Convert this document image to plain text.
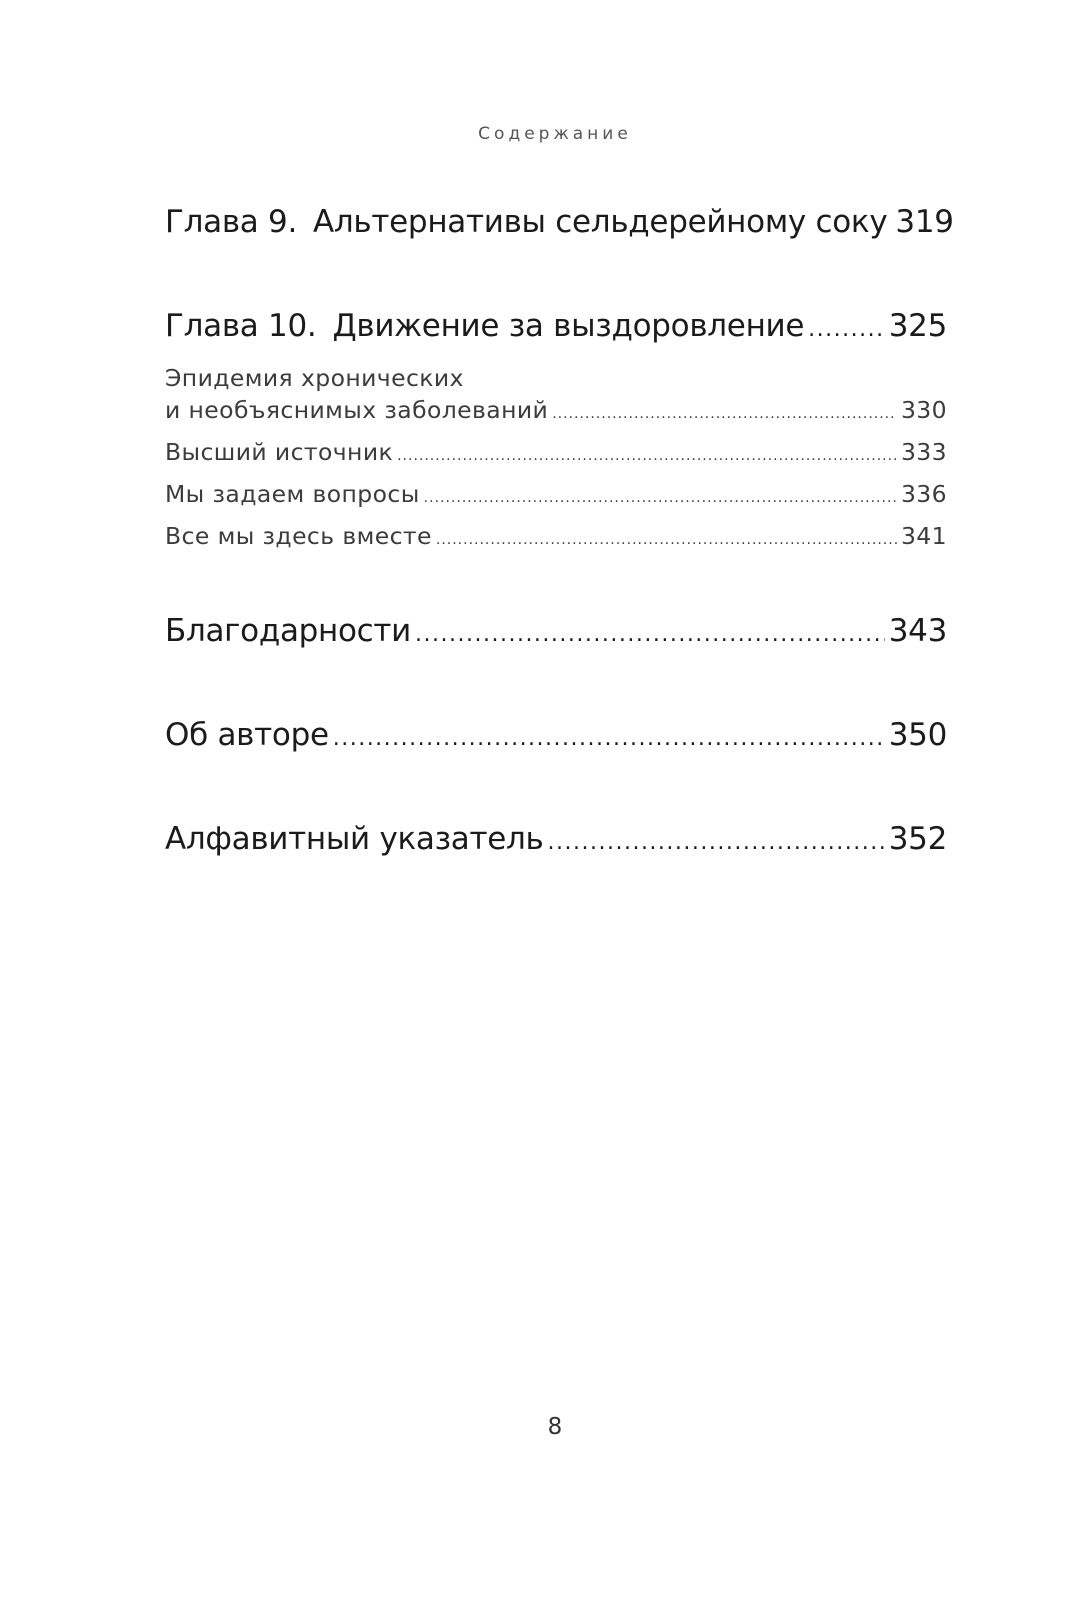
Содержание
Глава 9. Альтернативы сельдерейному соку 319
Глава 10. Движение за выздоровление .....	325
Эпидемия хронических
и необъяснимых заболеваний .....	330
Высший источник .....	333
Мы задаем вопросы .....	336
Все мы здесь вместе .....	341
Благодарности .....	343
Об авторе .....	350
Алфавитный указатель .....	352
8
